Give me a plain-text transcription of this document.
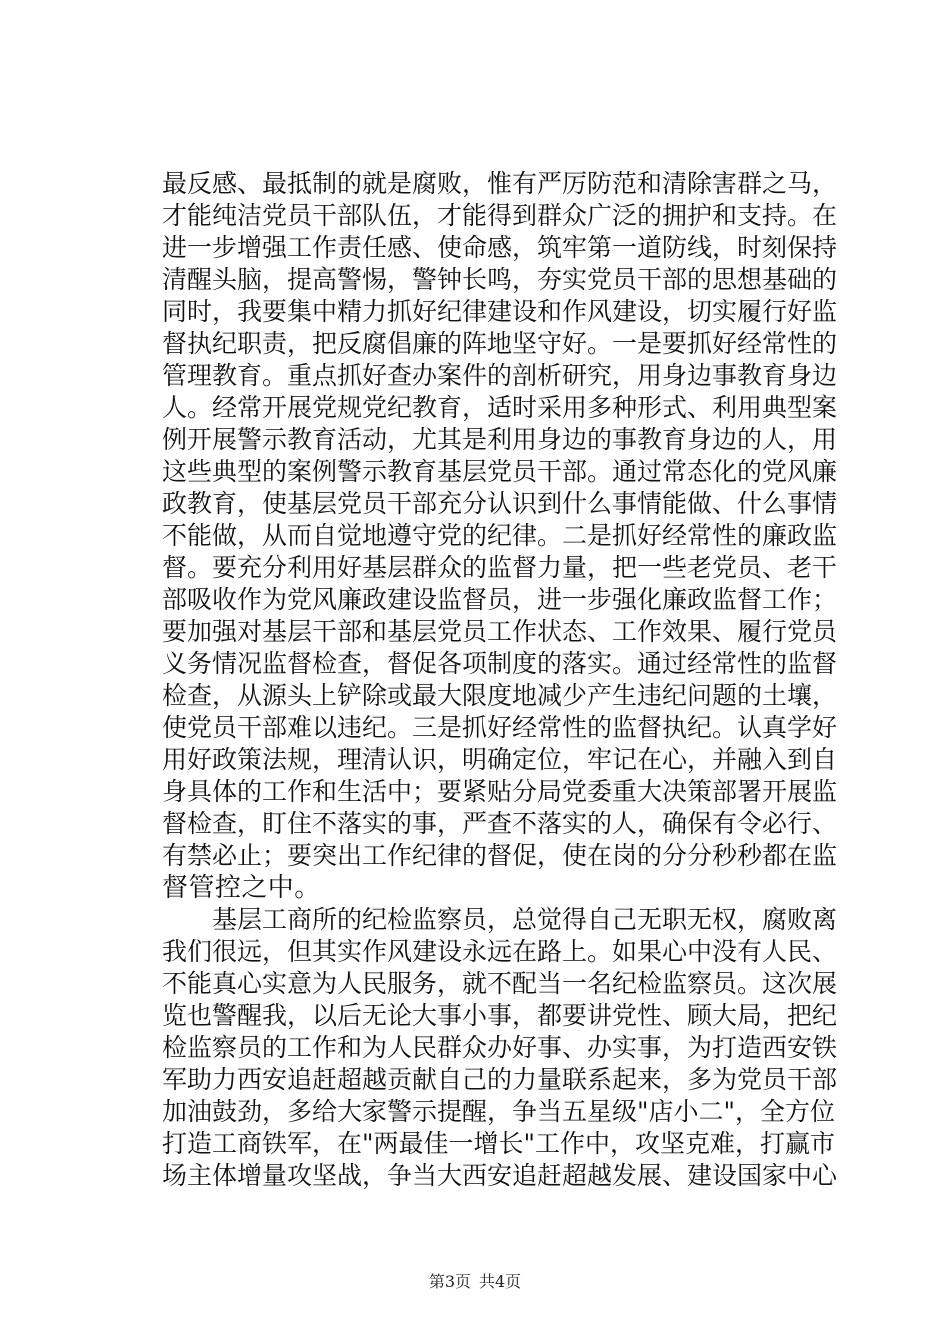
最反感、最抵制的就是腐败，惟有严厉防范和清除害群之马，
才能纯洁党员干部队伍，才能得到群众广泛的拥护和支持。在
进一步增强工作责任感、使命感，筑牢第一道防线，时刻保持
清醒头脑，提高警惕，警钟长鸣，夯实党员干部的思想基础的
同时，我要集中精力抓好纪律建设和作风建设，切实履行好监
督执纪职责，把反腐倡廉的阵地坚守好。一是要抓好经常性的
管理教育。重点抓好查办案件的剖析研究，用身边事教育身边
人。经常开展党规党纪教育，适时采用多种形式、利用典型案
例开展警示教育活动，尤其是利用身边的事教育身边的人，用
这些典型的案例警示教育基层党员干部。通过常态化的党风廉
政教育，使基层党员干部充分认识到什么事情能做、什么事情
不能做，从而自觉地遵守党的纪律。二是抓好经常性的廉政监
督。要充分利用好基层群众的监督力量，把一些老党员、老干
部吸收作为党风廉政建设监督员，进一步强化廉政监督工作；
要加强对基层干部和基层党员工作状态、工作效果、履行党员
义务情况监督检查，督促各项制度的落实。通过经常性的监督
检查，从源头上铲除或最大限度地减少产生违纪问题的土壤，
使党员干部难以违纪。三是抓好经常性的监督执纪。认真学好
用好政策法规，理清认识，明确定位，牢记在心，并融入到自
身具体的工作和生活中；要紧贴分局党委重大决策部署开展监
督检查，盯住不落实的事，严查不落实的人，确保有令必行、
有禁必止；要突出工作纪律的督促，使在岗的分分秒秒都在监
督管控之中。
　　基层工商所的纪检监察员，总觉得自己无职无权，腐败离
我们很远，但其实作风建设永远在路上。如果心中没有人民、
不能真心实意为人民服务，就不配当一名纪检监察员。这次展
览也警醒我，以后无论大事小事，都要讲党性、顾大局，把纪
检监察员的工作和为人民群众办好事、办实事，为打造西安铁
军助力西安追赶超越贡献自己的力量联系起来，多为党员干部
加油鼓劲，多给大家警示提醒，争当五星级"店小二"，全方位
打造工商铁军，在"两最佳一增长"工作中，攻坚克难，打赢市
场主体增量攻坚战，争当大西安追赶超越发展、建设国家中心
第3页 共4页
